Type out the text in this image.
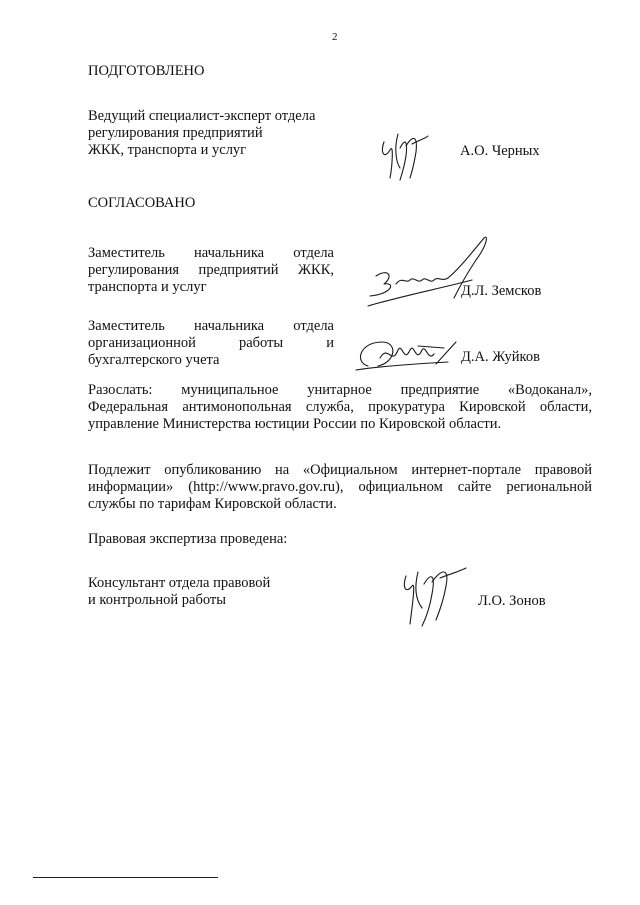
2
ПОДГОТОВЛЕНО
Ведущий специалист-эксперт отдела
регулирования предприятий
ЖКК, транспорта и услуг	А.О. Черных
СОГЛАСОВАНО
Заместитель начальника отдела
регулирования предприятий ЖКК,
транспорта и услуг	Д.Л. Земсков
Заместитель начальника отдела
организационной работы и
бухгалтерского учета	Д.А. Жуйков
Разослать: муниципальное унитарное предприятие «Водоканал»,
Федеральная антимонопольная служба, прокуратура Кировской области,
управление Министерства юстиции России по Кировской области.
Подлежит опубликованию на «Официальном интернет-портале правовой
информации» (http://www.pravo.gov.ru), официальном сайте региональной
службы по тарифам Кировской области.
Правовая экспертиза проведена:
Консультант отдела правовой
и контрольной работы	Л.О. Зонов
